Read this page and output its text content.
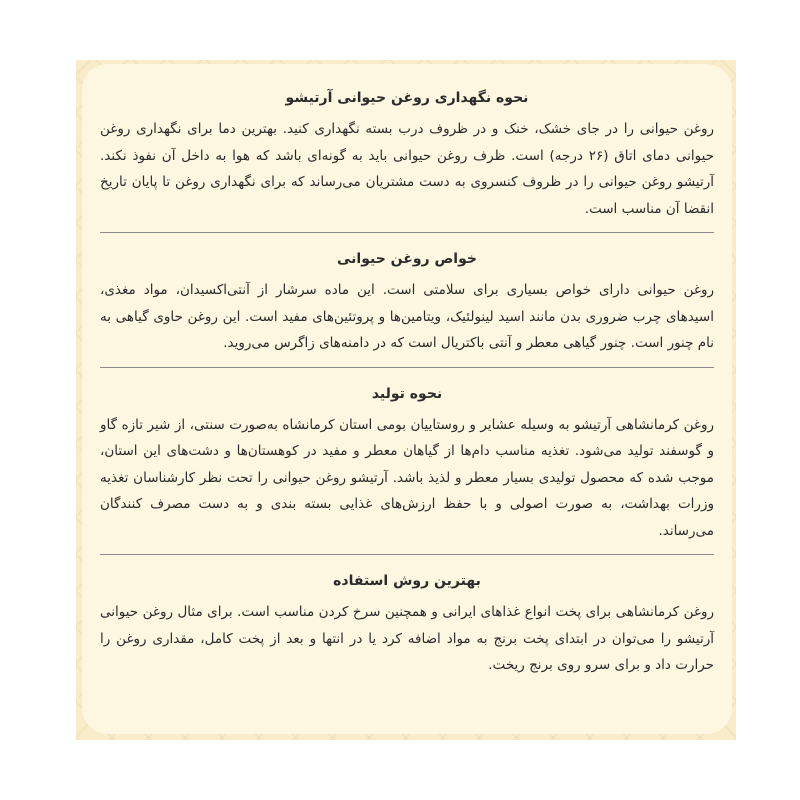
نحوه نگهداری روغن حیوانی آرتیشو

روغن حیوانی را در جای خشک، خنک و در ظروف درب بسته نگهداری کنید. بهترین دما برای نگهداری روغن حیوانی دمای اتاق (۲۶ درجه) است. ظرف روغن حیوانی باید به گونه‌ای باشد که هوا به داخل آن نفوذ نکند. آرتیشو روغن حیوانی را در ظروف کنسروی به دست مشتریان می‌رساند که برای نگهداری روغن تا پایان تاریخ انقضا آن مناسب است.

خواص روغن حیوانی

روغن حیوانی دارای خواص بسیاری برای سلامتی است. این ماده سرشار از آنتی‌اکسیدان، مواد مغذی، اسیدهای چرب ضروری بدن مانند اسید لینولئیک، ویتامین‌ها و پروتئین‌های مفید است. این روغن حاوی گیاهی به نام چنور است. چنور گیاهی معطر و آنتی باکتریال است که در دامنه‌های زاگرس می‌روید.

نحوه تولید

روغن کرمانشاهی آرتیشو به وسیله عشایر و روستاییان بومی استان کرمانشاه به‌صورت سنتی، از شیر تازه گاو و گوسفند تولید می‌شود. تغذیه مناسب دام‌ها از گیاهان معطر و مفید در کوهستان‌ها و دشت‌های این استان، موجب شده که محصول تولیدی بسیار معطر و لذیذ باشد. آرتیشو روغن حیوانی را تحت نظر کارشناسان تغذیه وزرات بهداشت، به صورت اصولی و با حفظ ارزش‌های غذایی بسته بندی و به دست مصرف کنندگان می‌رساند.

بهترین روش استفاده

روغن کرمانشاهی برای پخت انواع غذاهای ایرانی و همچنین سرخ کردن مناسب است. برای مثال روغن حیوانی آرتیشو را می‌توان در ابتدای پخت برنج به مواد اضافه کرد یا در انتها و بعد از پخت کامل، مقداری روغن را حرارت داد و برای سرو روی برنج ریخت.
